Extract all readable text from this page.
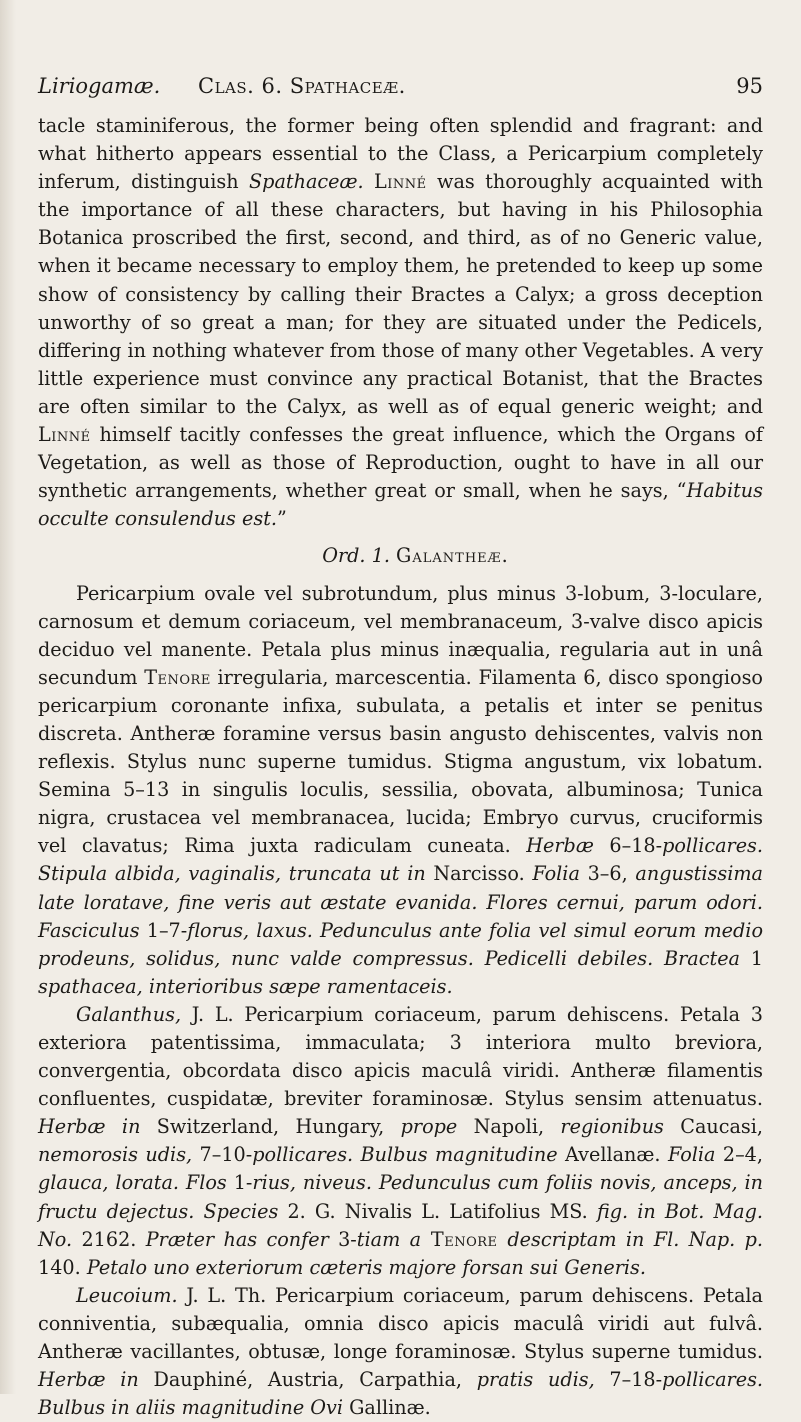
Liriogamæ. Clas. 6. Spathaceæ.	95

tacle staminiferous, the former being often splendid and fragrant: and what hitherto appears essential to the Class, a Pericarpium completely inferum, distinguish Spathaceæ. Linné was thoroughly acquainted with the importance of all these characters, but having in his Philosophia Botanica proscribed the first, second, and third, as of no Generic value, when it became necessary to employ them, he pretended to keep up some show of consistency by calling their Bractes a Calyx; a gross deception unworthy of so great a man; for they are situated under the Pedicels, differing in nothing whatever from those of many other Vegetables. A very little experience must convince any practical Botanist, that the Bractes are often similar to the Calyx, as well as of equal generic weight; and Linné himself tacitly confesses the great influence, which the Organs of Vegetation, as well as those of Reproduction, ought to have in all our synthetic arrangements, whether great or small, when he says, “Habitus occulte consulendus est.”

Ord. 1. Galantheæ.

Pericarpium ovale vel subrotundum, plus minus 3-lobum, 3-loculare, carnosum et demum coriaceum, vel membranaceum, 3-valve disco apicis deciduo vel manente. Petala plus minus inæqualia, regularia aut in unâ secundum Tenore irregularia, marcescentia. Filamenta 6, disco spongioso pericarpium coronante infixa, subulata, a petalis et inter se penitus discreta. Antheræ foramine versus basin angusto dehiscentes, valvis non reflexis. Stylus nunc superne tumidus. Stigma angustum, vix lobatum. Semina 5–13 in singulis loculis, sessilia, obovata, albuminosa; Tunica nigra, crustacea vel membranacea, lucida; Embryo curvus, cruciformis vel clavatus; Rima juxta radiculam cuneata. Herbæ 6–18-pollicares. Stipula albida, vaginalis, truncata ut in Narcisso. Folia 3–6, angustissima late loratave, fine veris aut æstate evanida. Flores cernui, parum odori. Fasciculus 1–7-florus, laxus. Pedunculus ante folia vel simul eorum medio prodeuns, solidus, nunc valde compressus. Pedicelli debiles. Bractea 1 spathacea, interioribus sæpe ramentaceis.

Galanthus, J. L. Pericarpium coriaceum, parum dehiscens. Petala 3 exteriora patentissima, immaculata; 3 interiora multo breviora, convergentia, obcordata disco apicis maculâ viridi. Antheræ filamentis confluentes, cuspidatæ, breviter foraminosæ. Stylus sensim attenuatus. Herbæ in Switzerland, Hungary, prope Napoli, regionibus Caucasi, nemorosis udis, 7–10-pollicares. Bulbus magnitudine Avellanæ. Folia 2–4, glauca, lorata. Flos 1-rius, niveus. Pedunculus cum foliis novis, anceps, in fructu dejectus. Species 2. G. Nivalis L. Latifolius MS. fig. in Bot. Mag. No. 2162. Præter has confer 3-tiam a Tenore descriptam in Fl. Nap. p. 140. Petalo uno exteriorum cæteris majore forsan sui Generis.

Leucoium. J. L. Th. Pericarpium coriaceum, parum dehiscens. Petala conniventia, subæqualia, omnia disco apicis maculâ viridi aut fulvâ. Antheræ vacillantes, obtusæ, longe foraminosæ. Stylus superne tumidus. Herbæ in Dauphiné, Austria, Carpathia, pratis udis, 7–18-pollicares. Bulbus in aliis magnitudine Ovi Gallinæ.
